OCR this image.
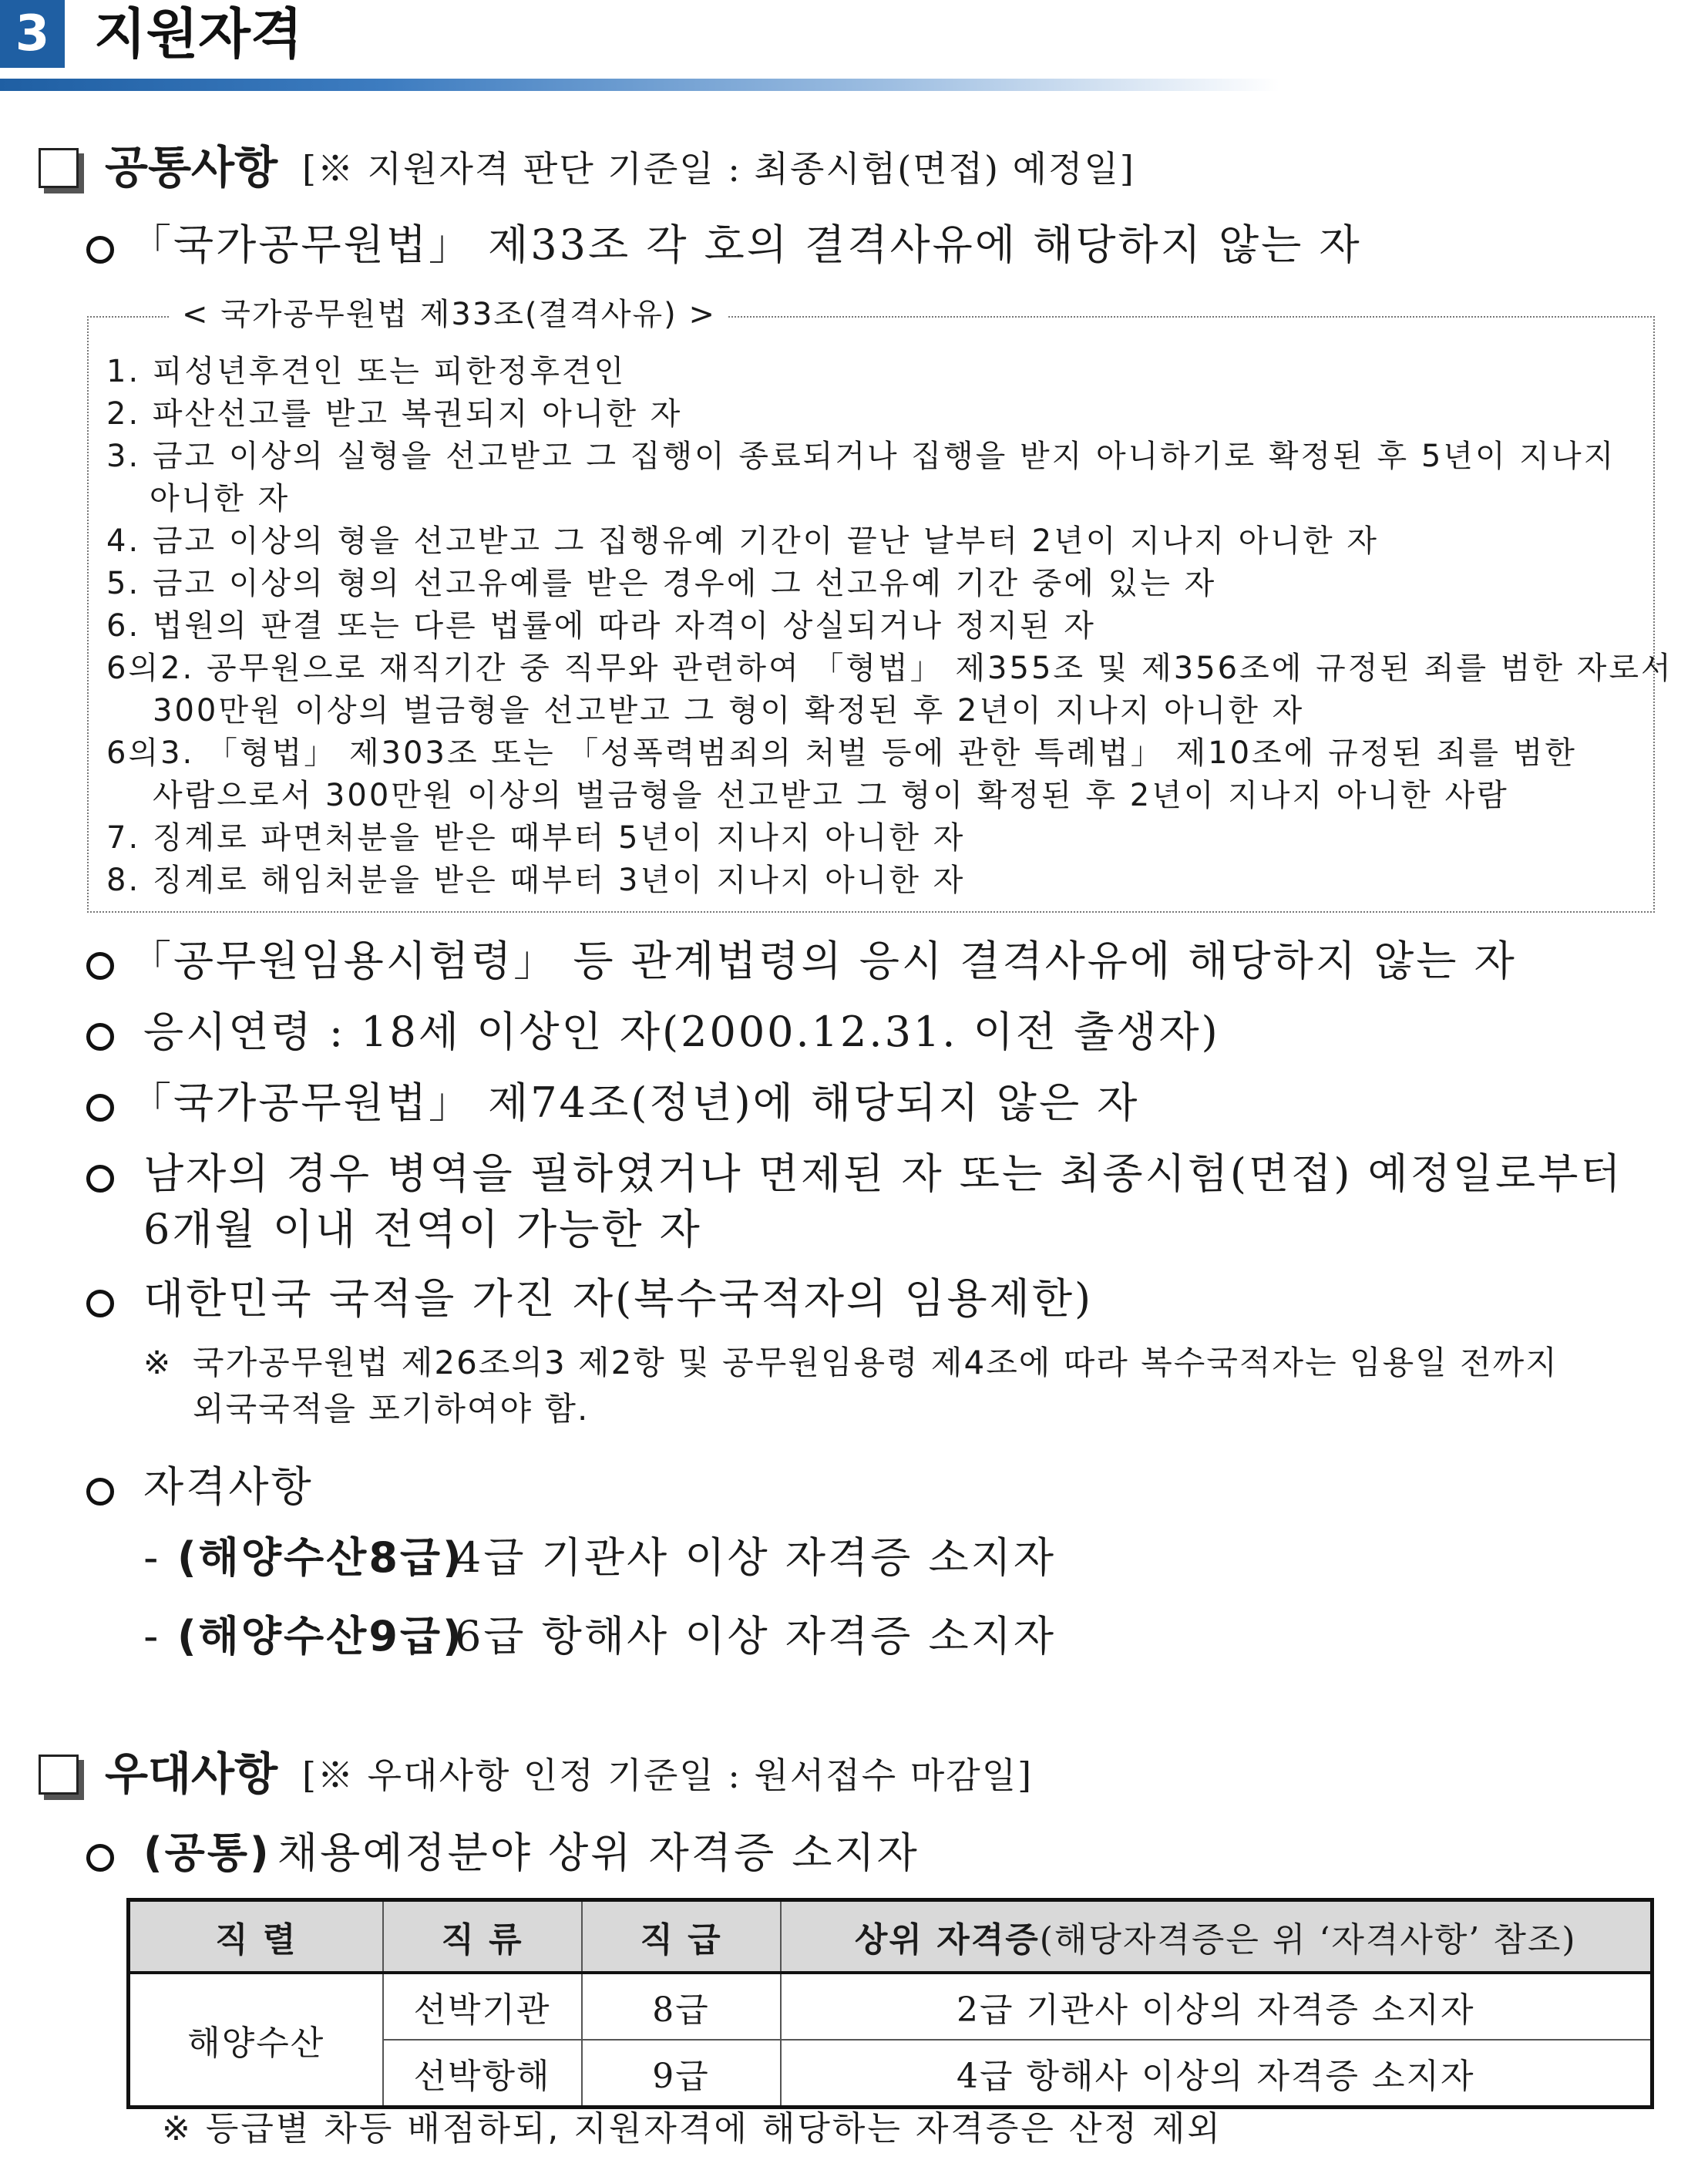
3 지원자격
공통사항 [※ 지원자격 판단 기준일 : 최종시험(면접) 예정일]
「국가공무원법」 제33조 각 호의 결격사유에 해당하지 않는 자
< 국가공무원법 제33조(결격사유) >
1. 피성년후견인 또는 피한정후견인
2. 파산선고를 받고 복권되지 아니한 자
3. 금고 이상의 실형을 선고받고 그 집행이 종료되거나 집행을 받지 아니하기로 확정된 후 5년이 지나지
아니한 자
4. 금고 이상의 형을 선고받고 그 집행유예 기간이 끝난 날부터 2년이 지나지 아니한 자
5. 금고 이상의 형의 선고유예를 받은 경우에 그 선고유예 기간 중에 있는 자
6. 법원의 판결 또는 다른 법률에 따라 자격이 상실되거나 정지된 자
6의2. 공무원으로 재직기간 중 직무와 관련하여 「형법」 제355조 및 제356조에 규정된 죄를 범한 자로서
300만원 이상의 벌금형을 선고받고 그 형이 확정된 후 2년이 지나지 아니한 자
6의3. 「형법」 제303조 또는 「성폭력범죄의 처벌 등에 관한 특례법」 제10조에 규정된 죄를 범한
사람으로서 300만원 이상의 벌금형을 선고받고 그 형이 확정된 후 2년이 지나지 아니한 사람
7. 징계로 파면처분을 받은 때부터 5년이 지나지 아니한 자
8. 징계로 해임처분을 받은 때부터 3년이 지나지 아니한 자
「공무원임용시험령」 등 관계법령의 응시 결격사유에 해당하지 않는 자
응시연령 : 18세 이상인 자(2000.12.31. 이전 출생자)
「국가공무원법」 제74조(정년)에 해당되지 않은 자
남자의 경우 병역을 필하였거나 면제된 자 또는 최종시험(면접) 예정일로부터
6개월 이내 전역이 가능한 자
대한민국 국적을 가진 자(복수국적자의 임용제한)
※ 국가공무원법 제26조의3 제2항 및 공무원임용령 제4조에 따라 복수국적자는 임용일 전까지
외국국적을 포기하여야 함.
자격사항
- (해양수산8급)
4급 기관사 이상 자격증 소지자
- (해양수산9급)
6급 항해사 이상 자격증 소지자
우대사항 [※ 우대사항 인정 기준일 : 원서접수 마감일]
(공통) 채용예정분야 상위 자격증 소지자
직 렬	직 류	직 급	상위 자격증(해당자격증은 위 ‘자격사항’ 참조)
해양수산	선박기관	8급	2급 기관사 이상의 자격증 소지자
	선박항해	9급	4급 항해사 이상의 자격증 소지자
※ 등급별 차등 배점하되, 지원자격에 해당하는 자격증은 산정 제외
